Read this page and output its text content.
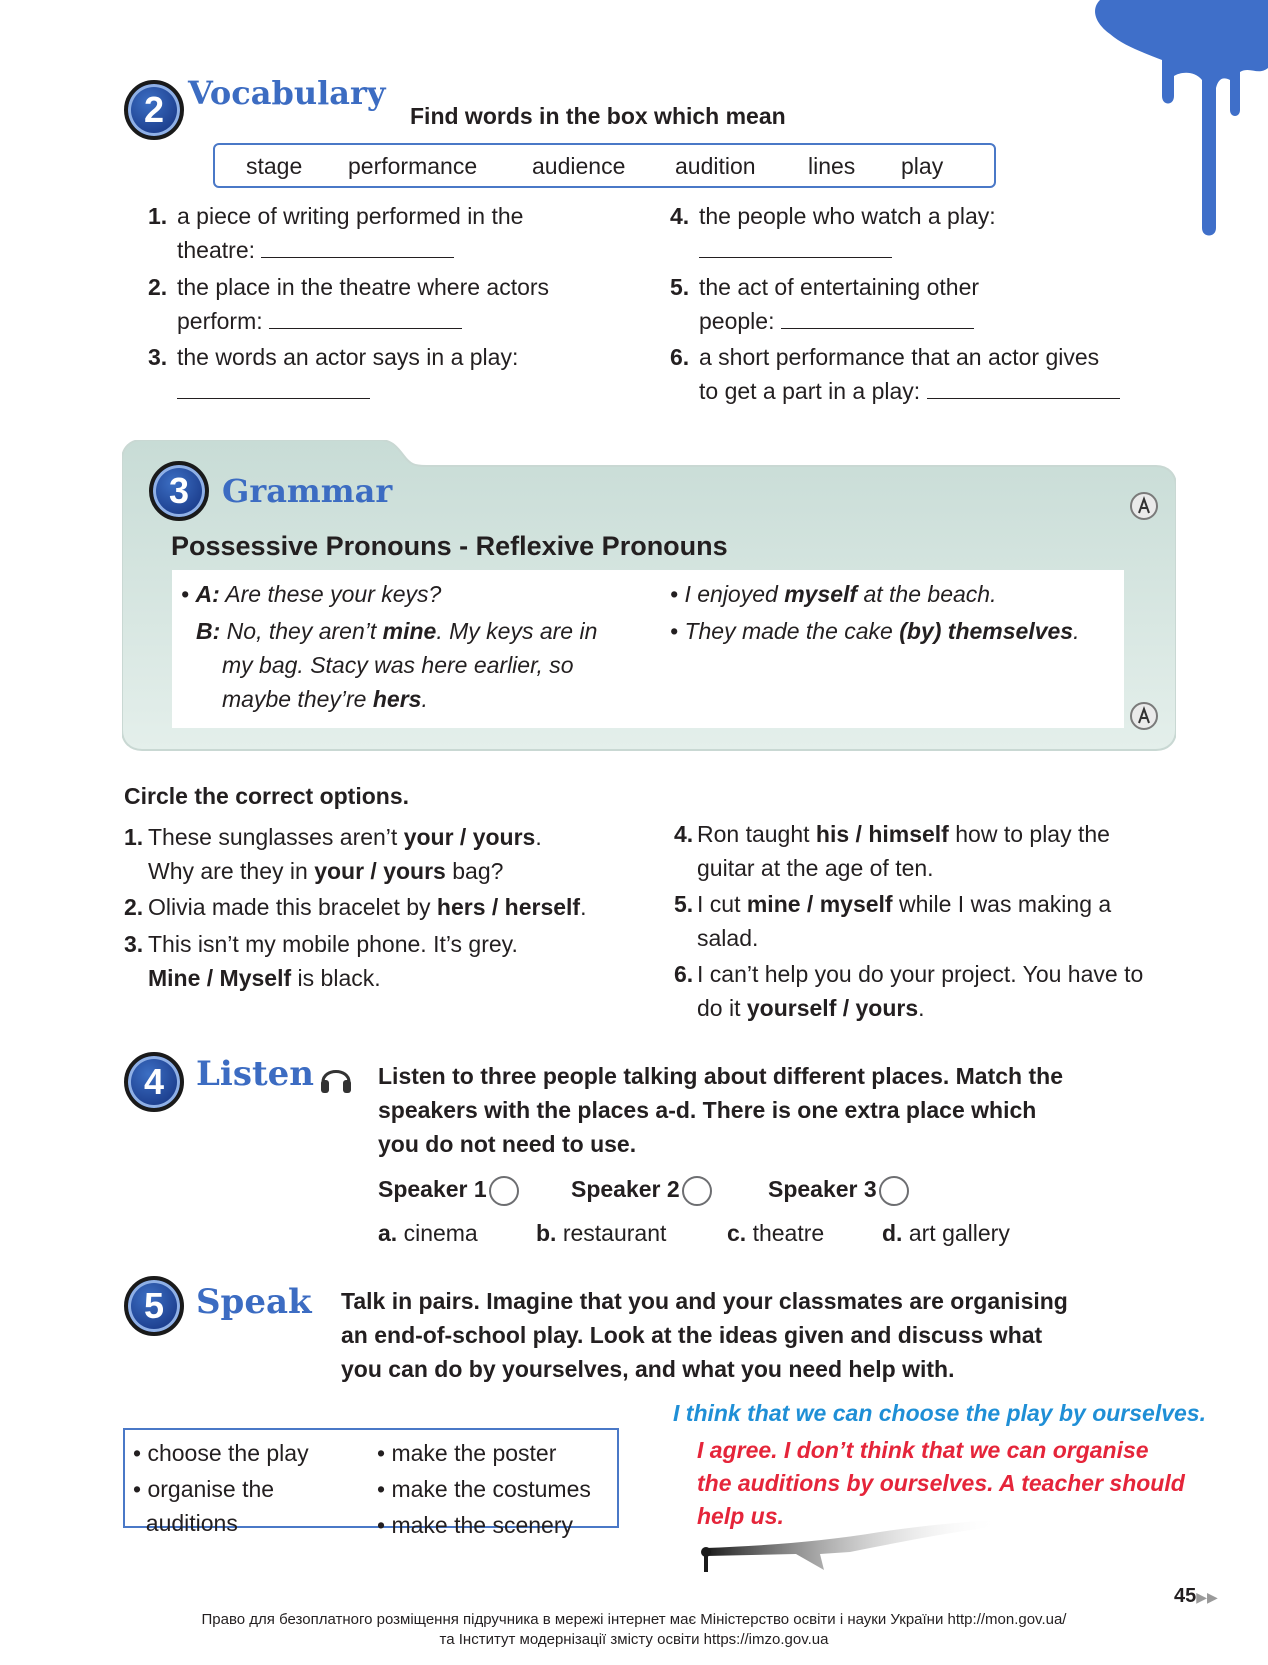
2 Vocabulary
Find words in the box which mean
stage performance audience audition lines play
1. a piece of writing performed in the
theatre:
2. the place in the theatre where actors
perform:
3. the words an actor says in a play:

4. the people who watch a play:

5. the act of entertaining other
people:
6. a short performance that an actor gives
to get a part in a play:
3	Grammar
Possessive Pronouns - Reflexive Pronouns
• A: Are these your keys?
B: No, they aren’t mine. My keys are in
my bag. Stacy was here earlier, so
maybe they’re hers.
• I enjoyed myself at the beach.
• They made the cake (by) themselves.
Circle the correct options.
1. These sunglasses aren’t your / yours.
Why are they in your / yours bag?
2. Olivia made this bracelet by hers / herself.
3. This isn’t my mobile phone. It’s grey.
Mine / Myself is black.
4. Ron taught his / himself how to play the
guitar at the age of ten.
5. I cut mine / myself while I was making a
salad.
6. I can’t help you do your project. You have to
do it yourself / yours.
4 Listen	Listen to three people talking about different places. Match the
speakers with the places a-d. There is one extra place which
you do not need to use.
Speaker 1	Speaker 2	Speaker 3
a. cinema	b. restaurant	c. theatre	d. art gallery
5 Speak Talk in pairs. Imagine that you and your classmates are organising
an end-of-school play. Look at the ideas given and discuss what
you can do by yourselves, and what you need help with.
• choose the play
• organise the
auditions
• make the poster
• make the costumes
• make the scenery
I think that we can choose the play by ourselves.
I agree. I don’t think that we can organise
the auditions by ourselves. A teacher should
help us.
45▶▶
Право для безоплатного розміщення підручника в мережі інтернет має Міністерство освіти і науки України http://mon.gov.ua/
та Інститут модернізації змісту освіти https://imzo.gov.ua
